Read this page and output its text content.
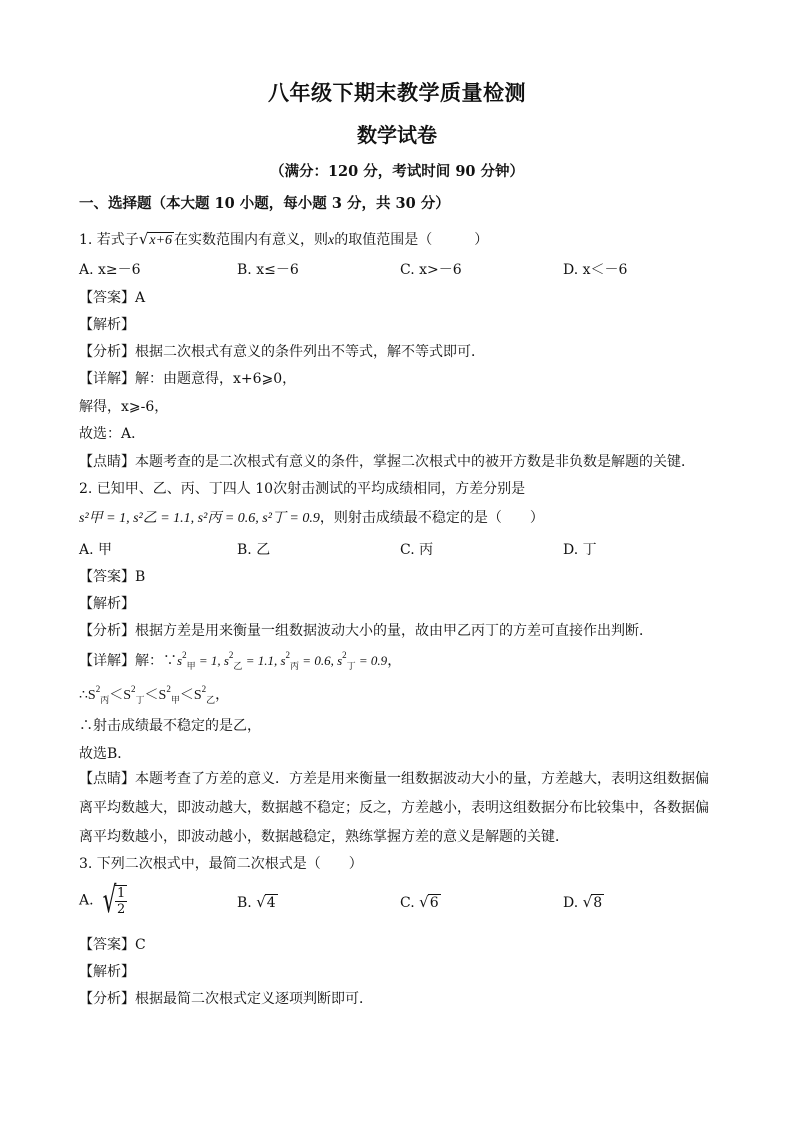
八年级下期末教学质量检测
数学试卷
（满分：120 分，考试时间 90 分钟）
一、选择题（本大题 10 小题，每小题 3 分，共 30 分）
1. 若式子√x+6 在实数范围内有意义，则x的取值范围是（　　　）
A. x≥－6	B. x≤－6	C. x>－6	D. x＜－6
【答案】A
【解析】
【分析】根据二次根式有意义的条件列出不等式，解不等式即可．
【详解】解：由题意得，x+6⩾0，
解得，x⩾-6，
故选：A．
【点睛】本题考查的是二次根式有意义的条件，掌握二次根式中的被开方数是非负数是解题的关键．
2. 已知甲、乙、丙、丁四人 10次射击测试的平均成绩相同，方差分别是
s²甲 = 1, s²乙 = 1.1, s²丙 = 0.6, s²丁 = 0.9，则射击成绩最不稳定的是（　　）
A. 甲	B. 乙	C. 丙	D. 丁
【答案】B
【解析】
【分析】根据方差是用来衡量一组数据波动大小的量，故由甲乙丙丁的方差可直接作出判断．
【详解】解：$\because s^2_甲 = 1$, $s^2_乙 = 1.1$, $s^2_丙 = 0.6$, $s^2_丁 = 0.9$，
$\therefore S^2_丙<S^2_丁<S^2_甲<S^2_乙$，
∴射击成绩最不稳定的是乙，
故选B．
【点睛】本题考查了方差的意义．方差是用来衡量一组数据波动大小的量，方差越大，表明这组数据偏离平均数越大，即波动越大，数据越不稳定；反之，方差越小，表明这组数据分布比较集中，各数据偏离平均数越小，即波动越小，数据越稳定，熟练掌握方差的意义是解题的关键．
3. 下列二次根式中，最简二次根式是（　　）
A. √
$\frac{1}{2}$	B. √4	C. √6	D. √8
【答案】C
【解析】
【分析】根据最简二次根式定义逐项判断即可．
